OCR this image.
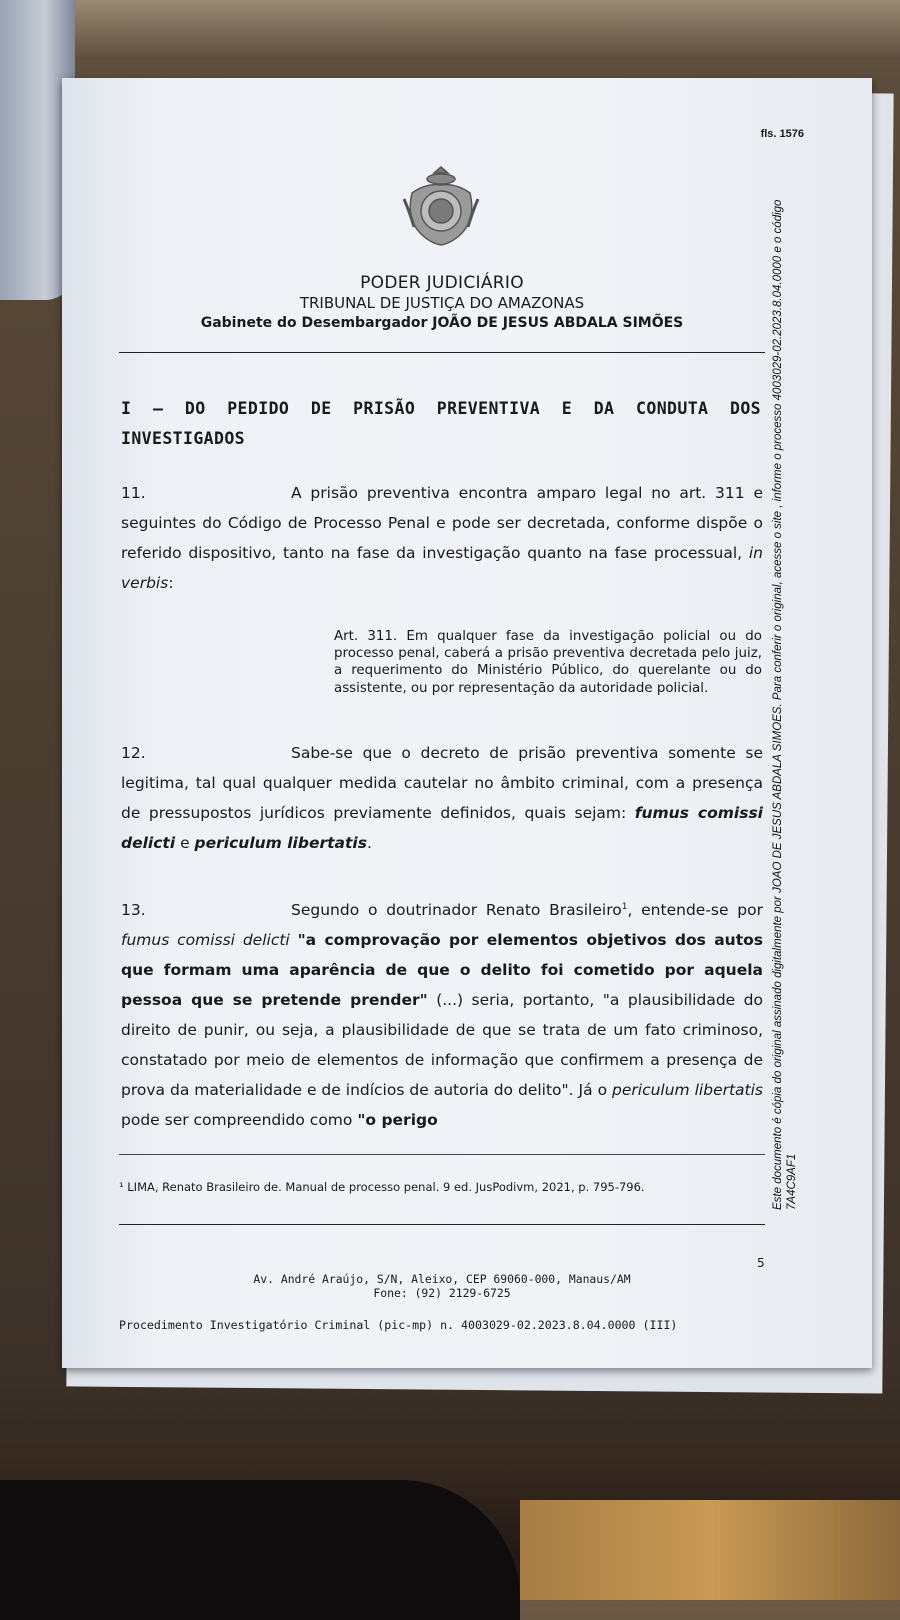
fls. 1576
PODER JUDICIÁRIO
TRIBUNAL DE JUSTIÇA DO AMAZONAS
Gabinete do Desembargador JOÃO DE JESUS ABDALA SIMÕES
I – DO PEDIDO DE PRISÃO PREVENTIVA E DA CONDUTA DOS INVESTIGADOS
11.	A prisão preventiva encontra amparo legal no art. 311 e seguintes do Código de Processo Penal e pode ser decretada, conforme dispõe o referido dispositivo, tanto na fase da investigação quanto na fase processual, in verbis:
Art. 311. Em qualquer fase da investigação policial ou do processo penal, caberá a prisão preventiva decretada pelo juiz, a requerimento do Ministério Público, do querelante ou do assistente, ou por representação da autoridade policial.
12.	Sabe-se que o decreto de prisão preventiva somente se legitima, tal qual qualquer medida cautelar no âmbito criminal, com a presença de pressupostos jurídicos previamente definidos, quais sejam: fumus comissi delicti e periculum libertatis.
13.	Segundo o doutrinador Renato Brasileiro$^1$, entende-se por fumus comissi delicti "a comprovação por elementos objetivos dos autos que formam uma aparência de que o delito foi cometido por aquela pessoa que se pretende prender" (...) seria, portanto, "a plausibilidade do direito de punir, ou seja, a plausibilidade de que se trata de um fato criminoso, constatado por meio de elementos de informação que confirmem a presença de prova da materialidade e de indícios de autoria do delito". Já o periculum libertatis pode ser compreendido como "o perigo
¹ LIMA, Renato Brasileiro de. Manual de processo penal. 9 ed. JusPodivm, 2021, p. 795-796.
5
Av. André Araújo, S/N, Aleixo, CEP 69060-000, Manaus/AM
Fone: (92) 2129-6725
Procedimento Investigatório Criminal (pic-mp) n. 4003029-02.2023.8.04.0000 (III)
Este documento é cópia do original assinado digitalmente por JOAO DE JESUS ABDALA SIMOES. Para conferir o original, acesse o site , informe o processo 4003029-02.2023.8.04.0000 e o código 7A4C9AF1
